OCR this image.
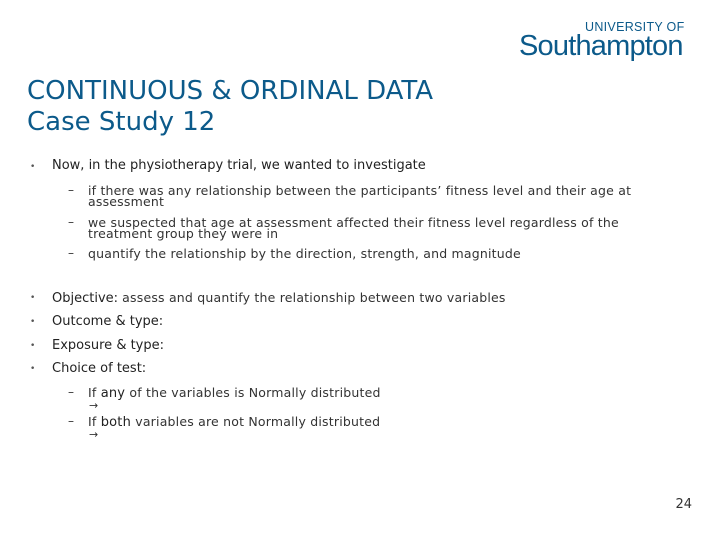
UNIVERSITY OF
Southampton
CONTINUOUS & ORDINAL DATA
Case Study 12
• Now, in the physiotherapy trial, we wanted to investigate
– if there was any relationship between the participants’ fitness level and their age at
assessment
– we suspected that age at assessment affected their fitness level regardless of the
treatment group they were in
– quantify the relationship by the direction, strength, and magnitude
• Objective: assess and quantify the relationship between two variables
• Outcome & type:
• Exposure & type:
• Choice of test:
– If any of the variables is Normally distributed
→
– If both variables are not Normally distributed
→
24
